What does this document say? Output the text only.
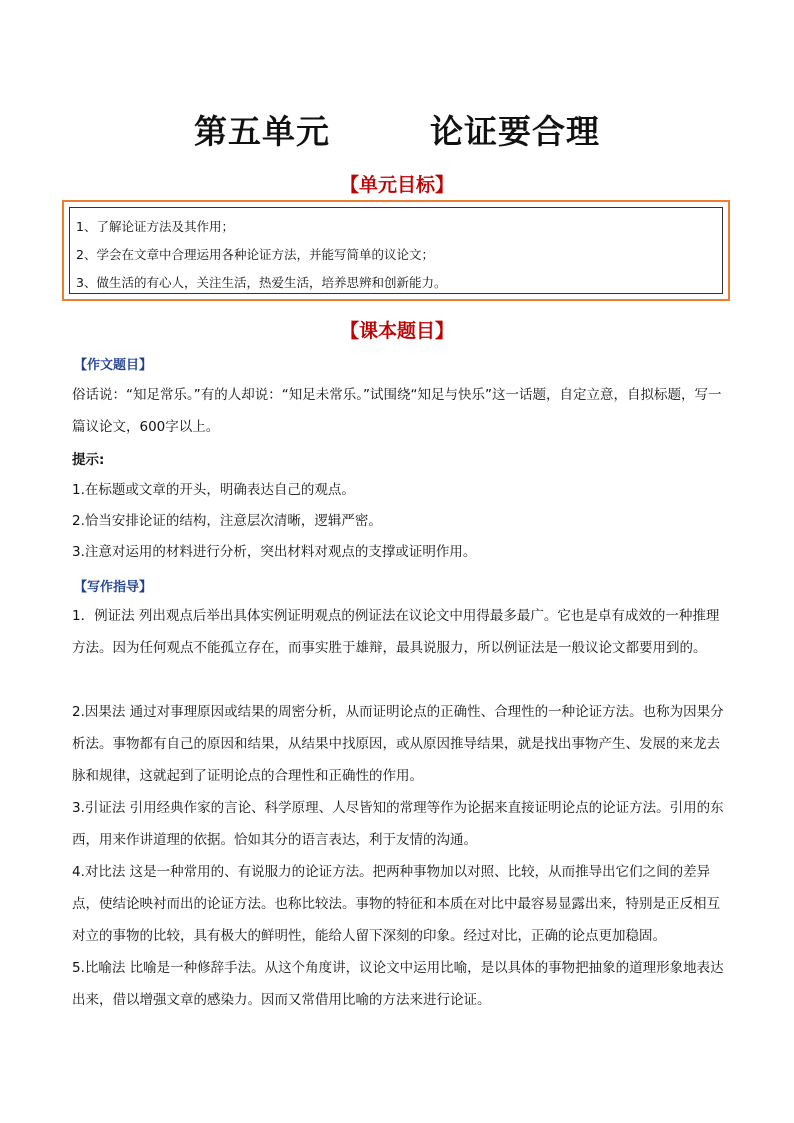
第五单元	论证要合理
【单元目标】
1、了解论证方法及其作用；
2、学会在文章中合理运用各种论证方法，并能写简单的议论文；
3、做生活的有心人，关注生活，热爱生活，培养思辨和创新能力。
【课本题目】
【作文题目】
俗话说：“知足常乐。”有的人却说：“知足未常乐。”试围绕“知足与快乐”这一话题，自定立意，自拟标题，写一篇议论文，600字以上。
提示:
1.在标题或文章的开头，明确表达自己的观点。
2.恰当安排论证的结构，注意层次清晰，逻辑严密。
3.注意对运用的材料进行分析，突出材料对观点的支撑或证明作用。
【写作指导】
1．例证法 列出观点后举出具体实例证明观点的例证法在议论文中用得最多最广。它也是卓有成效的一种推理方法。因为任何观点不能孤立存在，而事实胜于雄辩，最具说服力，所以例证法是一般议论文都要用到的。
2.因果法 通过对事理原因或结果的周密分析，从而证明论点的正确性、合理性的一种论证方法。也称为因果分析法。事物都有自己的原因和结果，从结果中找原因，或从原因推导结果，就是找出事物产生、发展的来龙去脉和规律，这就起到了证明论点的合理性和正确性的作用。
3.引证法 引用经典作家的言论、科学原理、人尽皆知的常理等作为论据来直接证明论点的论证方法。引用的东西，用来作讲道理的依据。恰如其分的语言表达，利于友情的沟通。
4.对比法 这是一种常用的、有说服力的论证方法。把两种事物加以对照、比较，从而推导出它们之间的差异点，使结论映衬而出的论证方法。也称比较法。事物的特征和本质在对比中最容易显露出来，特别是正反相互对立的事物的比较，具有极大的鲜明性，能给人留下深刻的印象。经过对比，正确的论点更加稳固。
5.比喻法 比喻是一种修辞手法。从这个角度讲，议论文中运用比喻，是以具体的事物把抽象的道理形象地表达出来，借以增强文章的感染力。因而又常借用比喻的方法来进行论证。
